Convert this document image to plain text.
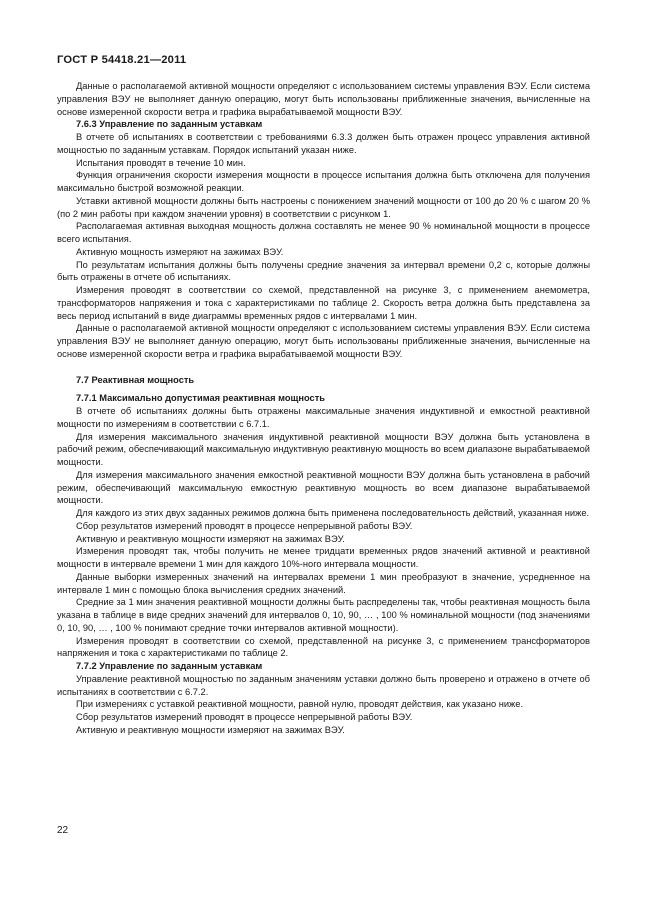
ГОСТ Р 54418.21—2011

Данные о располагаемой активной мощности определяют с использованием системы управления ВЭУ. Если система управления ВЭУ не выполняет данную операцию, могут быть использованы приближенные значения, вычисленные на основе измеренной скорости ветра и графика вырабатываемой мощности ВЭУ.

7.6.3 Управление по заданным уставкам

В отчете об испытаниях в соответствии с требованиями 6.3.3 должен быть отражен процесс управления активной мощностью по заданным уставкам. Порядок испытаний указан ниже.

Испытания проводят в течение 10 мин.

Функция ограничения скорости измерения мощности в процессе испытания должна быть отключена для получения максимально быстрой возможной реакции.

Уставки активной мощности должны быть настроены с понижением значений мощности от 100 до 20 % с шагом 20 % (по 2 мин работы при каждом значении уровня) в соответствии с рисунком 1.

Располагаемая активная выходная мощность должна составлять не менее 90 % номинальной мощности в процессе всего испытания.

Активную мощность измеряют на зажимах ВЭУ.

По результатам испытания должны быть получены средние значения за интервал времени 0,2 с, которые должны быть отражены в отчете об испытаниях.

Измерения проводят в соответствии со схемой, представленной на рисунке 3, с применением анемометра, трансформаторов напряжения и тока с характеристиками по таблице 2. Скорость ветра должна быть представлена за весь период испытаний в виде диаграммы временных рядов с интервалами 1 мин.

Данные о располагаемой активной мощности определяют с использованием системы управления ВЭУ. Если система управления ВЭУ не выполняет данную операцию, могут быть использованы приближенные значения, вычисленные на основе измеренной скорости ветра и графика вырабатываемой мощности ВЭУ.

7.7 Реактивная мощность

7.7.1 Максимально допустимая реактивная мощность

В отчете об испытаниях должны быть отражены максимальные значения индуктивной и емкостной реактивной мощности по измерениям в соответствии с 6.7.1.

Для измерения максимального значения индуктивной реактивной мощности ВЭУ должна быть установлена в рабочий режим, обеспечивающий максимальную индуктивную реактивную мощность во всем диапазоне вырабатываемой мощности.

Для измерения максимального значения емкостной реактивной мощности ВЭУ должна быть установлена в рабочий режим, обеспечивающий максимальную емкостную реактивную мощность во всем диапазоне вырабатываемой мощности.

Для каждого из этих двух заданных режимов должна быть применена последовательность действий, указанная ниже.

Сбор результатов измерений проводят в процессе непрерывной работы ВЭУ.

Активную и реактивную мощности измеряют на зажимах ВЭУ.

Измерения проводят так, чтобы получить не менее тридцати временных рядов значений активной и реактивной мощности в интервале времени 1 мин для каждого 10%-ного интервала мощности.

Данные выборки измеренных значений на интервалах времени 1 мин преобразуют в значение, усредненное на интервале 1 мин с помощью блока вычисления средних значений.

Средние за 1 мин значения реактивной мощности должны быть распределены так, чтобы реактивная мощность была указана в таблице в виде средних значений для интервалов 0, 10, 90, … , 100 % номинальной мощности (под значениями 0, 10, 90, … , 100 % понимают средние точки интервалов активной мощности).

Измерения проводят в соответствии со схемой, представленной на рисунке 3, с применением трансформаторов напряжения и тока с характеристиками по таблице 2.

7.7.2 Управление по заданным уставкам

Управление реактивной мощностью по заданным значениям уставки должно быть проверено и отражено в отчете об испытаниях в соответствии с 6.7.2.

При измерениях с уставкой реактивной мощности, равной нулю, проводят действия, как указано ниже.

Сбор результатов измерений проводят в процессе непрерывной работы ВЭУ.

Активную и реактивную мощности измеряют на зажимах ВЭУ.

22
